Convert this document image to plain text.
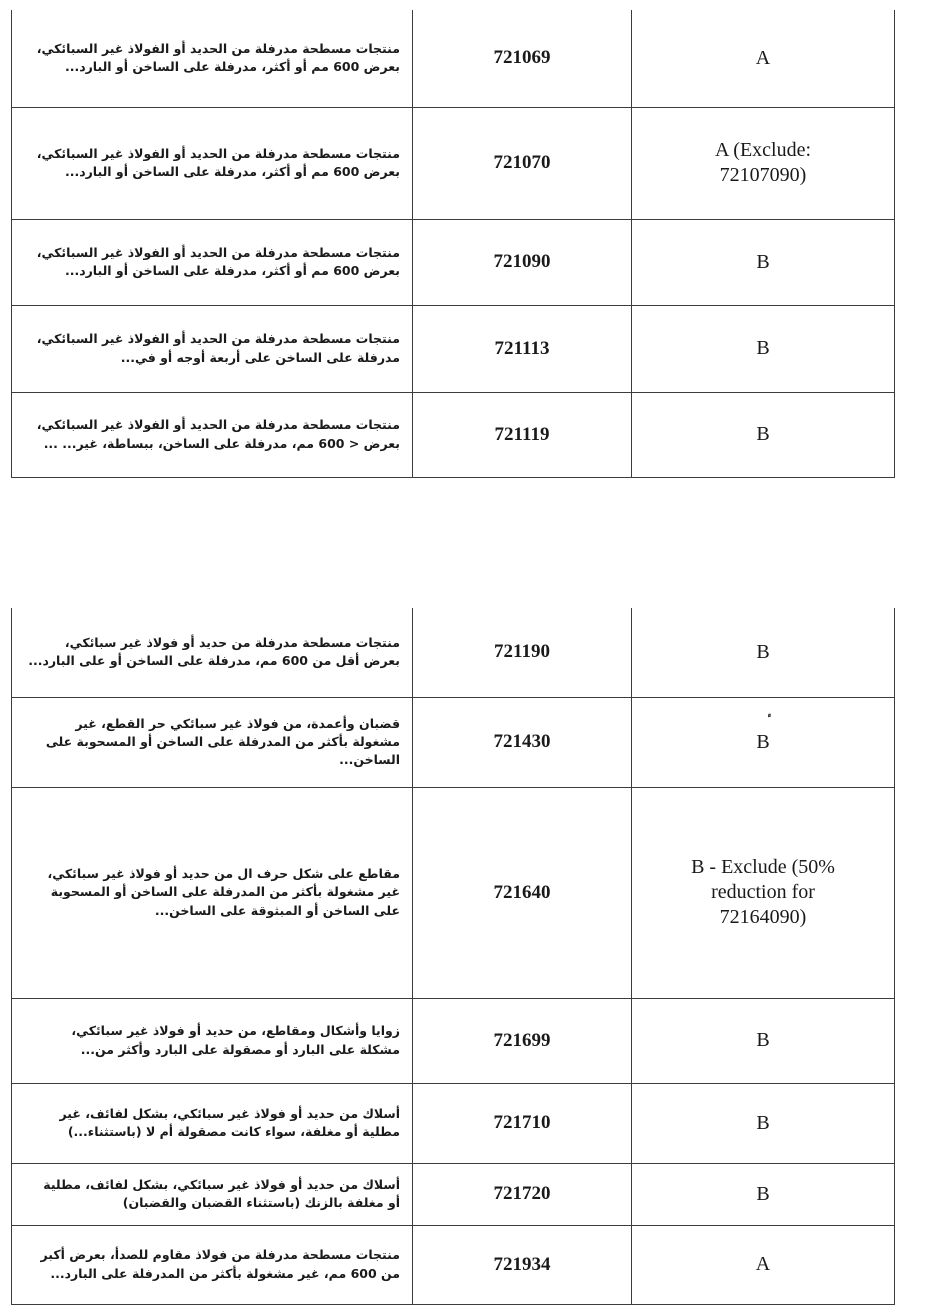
منتجات مسطحة مدرفلة من الحديد أو الفولاذ غير السبائكي، بعرض 600 مم أو أكثر، مدرفلة على الساخن أو البارد...	721069	A
منتجات مسطحة مدرفلة من الحديد أو الفولاذ غير السبائكي، بعرض 600 مم أو أكثر، مدرفلة على الساخن أو البارد...	721070	A (Exclude: 72107090)
منتجات مسطحة مدرفلة من الحديد أو الفولاذ غير السبائكي، بعرض 600 مم أو أكثر، مدرفلة على الساخن أو البارد...	721090	B
منتجات مسطحة مدرفلة من الحديد أو الفولاذ غير السبائكي، مدرفلة على الساخن على أربعة أوجه أو في...	721113	B
منتجات مسطحة مدرفلة من الحديد أو الفولاذ غير السبائكي، بعرض < 600 مم، مدرفلة على الساخن، ببساطة، غير... ...	721119	B
منتجات مسطحة مدرفلة من حديد أو فولاذ غير سبائكي، بعرض أقل من 600 مم، مدرفلة على الساخن أو على البارد...	721190	B
قضبان وأعمدة، من فولاذ غير سبائكي حر القطع، غير مشغولة بأكثر من المدرفلة على الساخن أو المسحوبة على الساخن...	721430	B
مقاطع على شكل حرف ال من حديد أو فولاذ غير سبائكي، غير مشغولة بأكثر من المدرفلة على الساخن أو المسحوبة على الساخن أو المبثوقة على الساخن...	721640	B - Exclude (50% reduction for 72164090)
زوايا وأشكال ومقاطع، من حديد أو فولاذ غير سبائكي، مشكلة على البارد أو مصقولة على البارد وأكثر من...	721699	B
أسلاك من حديد أو فولاذ غير سبائكي، بشكل لفائف، غير مطلية أو مغلفة، سواء كانت مصقولة أم لا (باستثناء...)	721710	B
أسلاك من حديد أو فولاذ غير سبائكي، بشكل لفائف، مطلية أو مغلفة بالزنك (باستثناء القضبان والقضبان)	721720	B
منتجات مسطحة مدرفلة من فولاذ مقاوم للصدأ، بعرض أكبر من 600 مم، غير مشغولة بأكثر من المدرفلة على البارد...	721934	A
